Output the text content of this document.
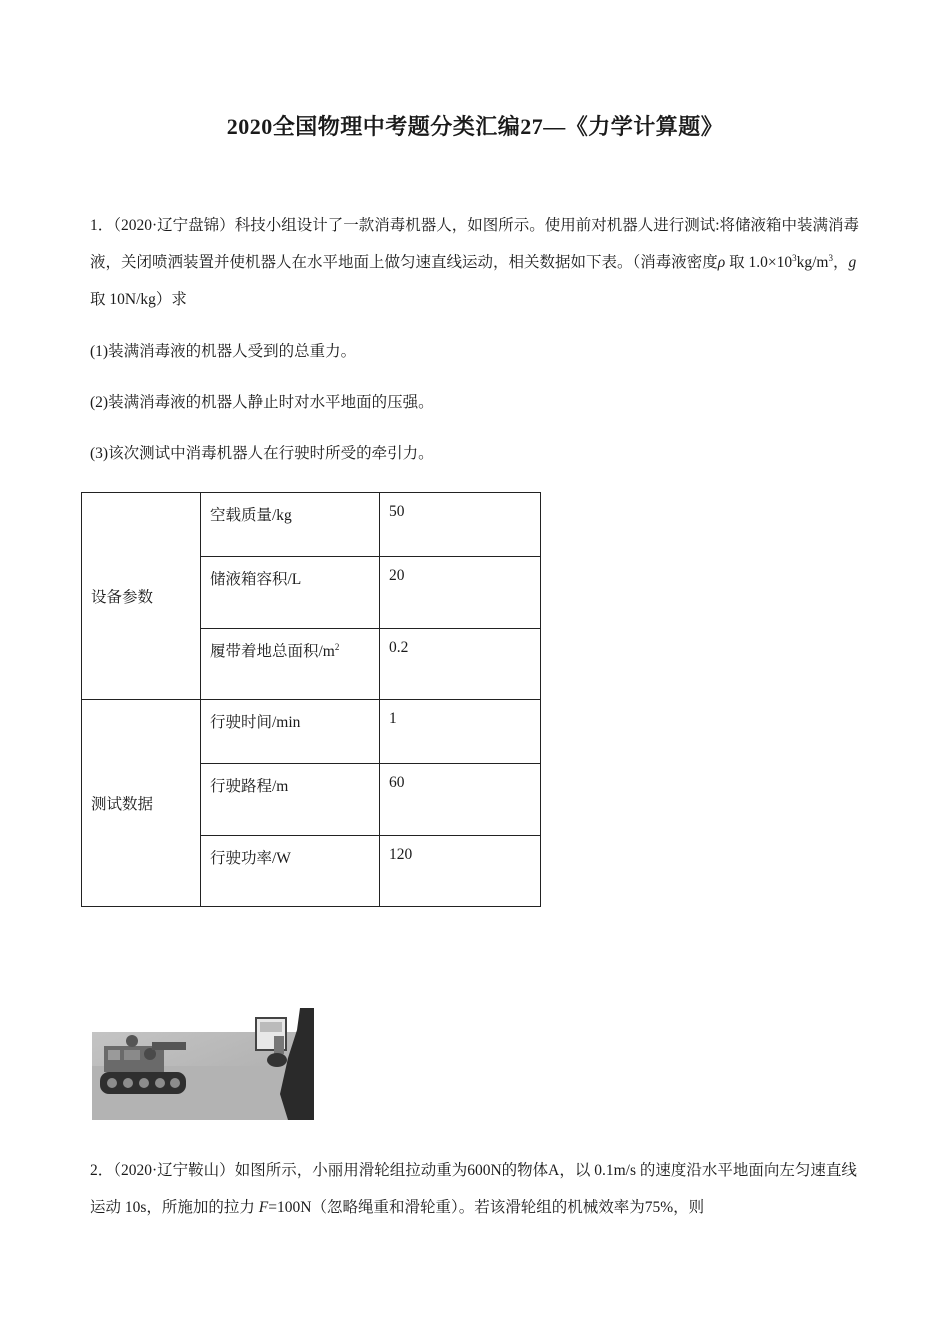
2020全国物理中考题分类汇编27—《力学计算题》

1．（2020·辽宁盘锦）科技小组设计了一款消毒机器人，如图所示。使用前对机器人进行测试:将储液箱中装满消毒液，关闭喷洒装置并使机器人在水平地面上做匀速直线运动，相关数据如下表。（消毒液密度ρ 取 $1.0\times 10^3kg/m^3$，g 取 10N/kg）求

(1)装满消毒液的机器人受到的总重力。
(2)装满消毒液的机器人静止时对水平地面的压强。
(3)该次测试中消毒机器人在行驶时所受的牵引力。
设备参数	空载质量/kg	50
	储液箱容积/L	20
	履带着地总面积$/m^2$	0.2
测试数据	行驶时间/min	1
	行驶路程/m	60
	行驶功率/W	120

2．（2020·辽宁鞍山）如图所示，小丽用滑轮组拉动重为600N的物体A，以 0.1m/s 的速度沿水平地面向左匀速直线运动 10s，所施加的拉力 F=100N（忽略绳重和滑轮重）。若该滑轮组的机械效率为75%，则
